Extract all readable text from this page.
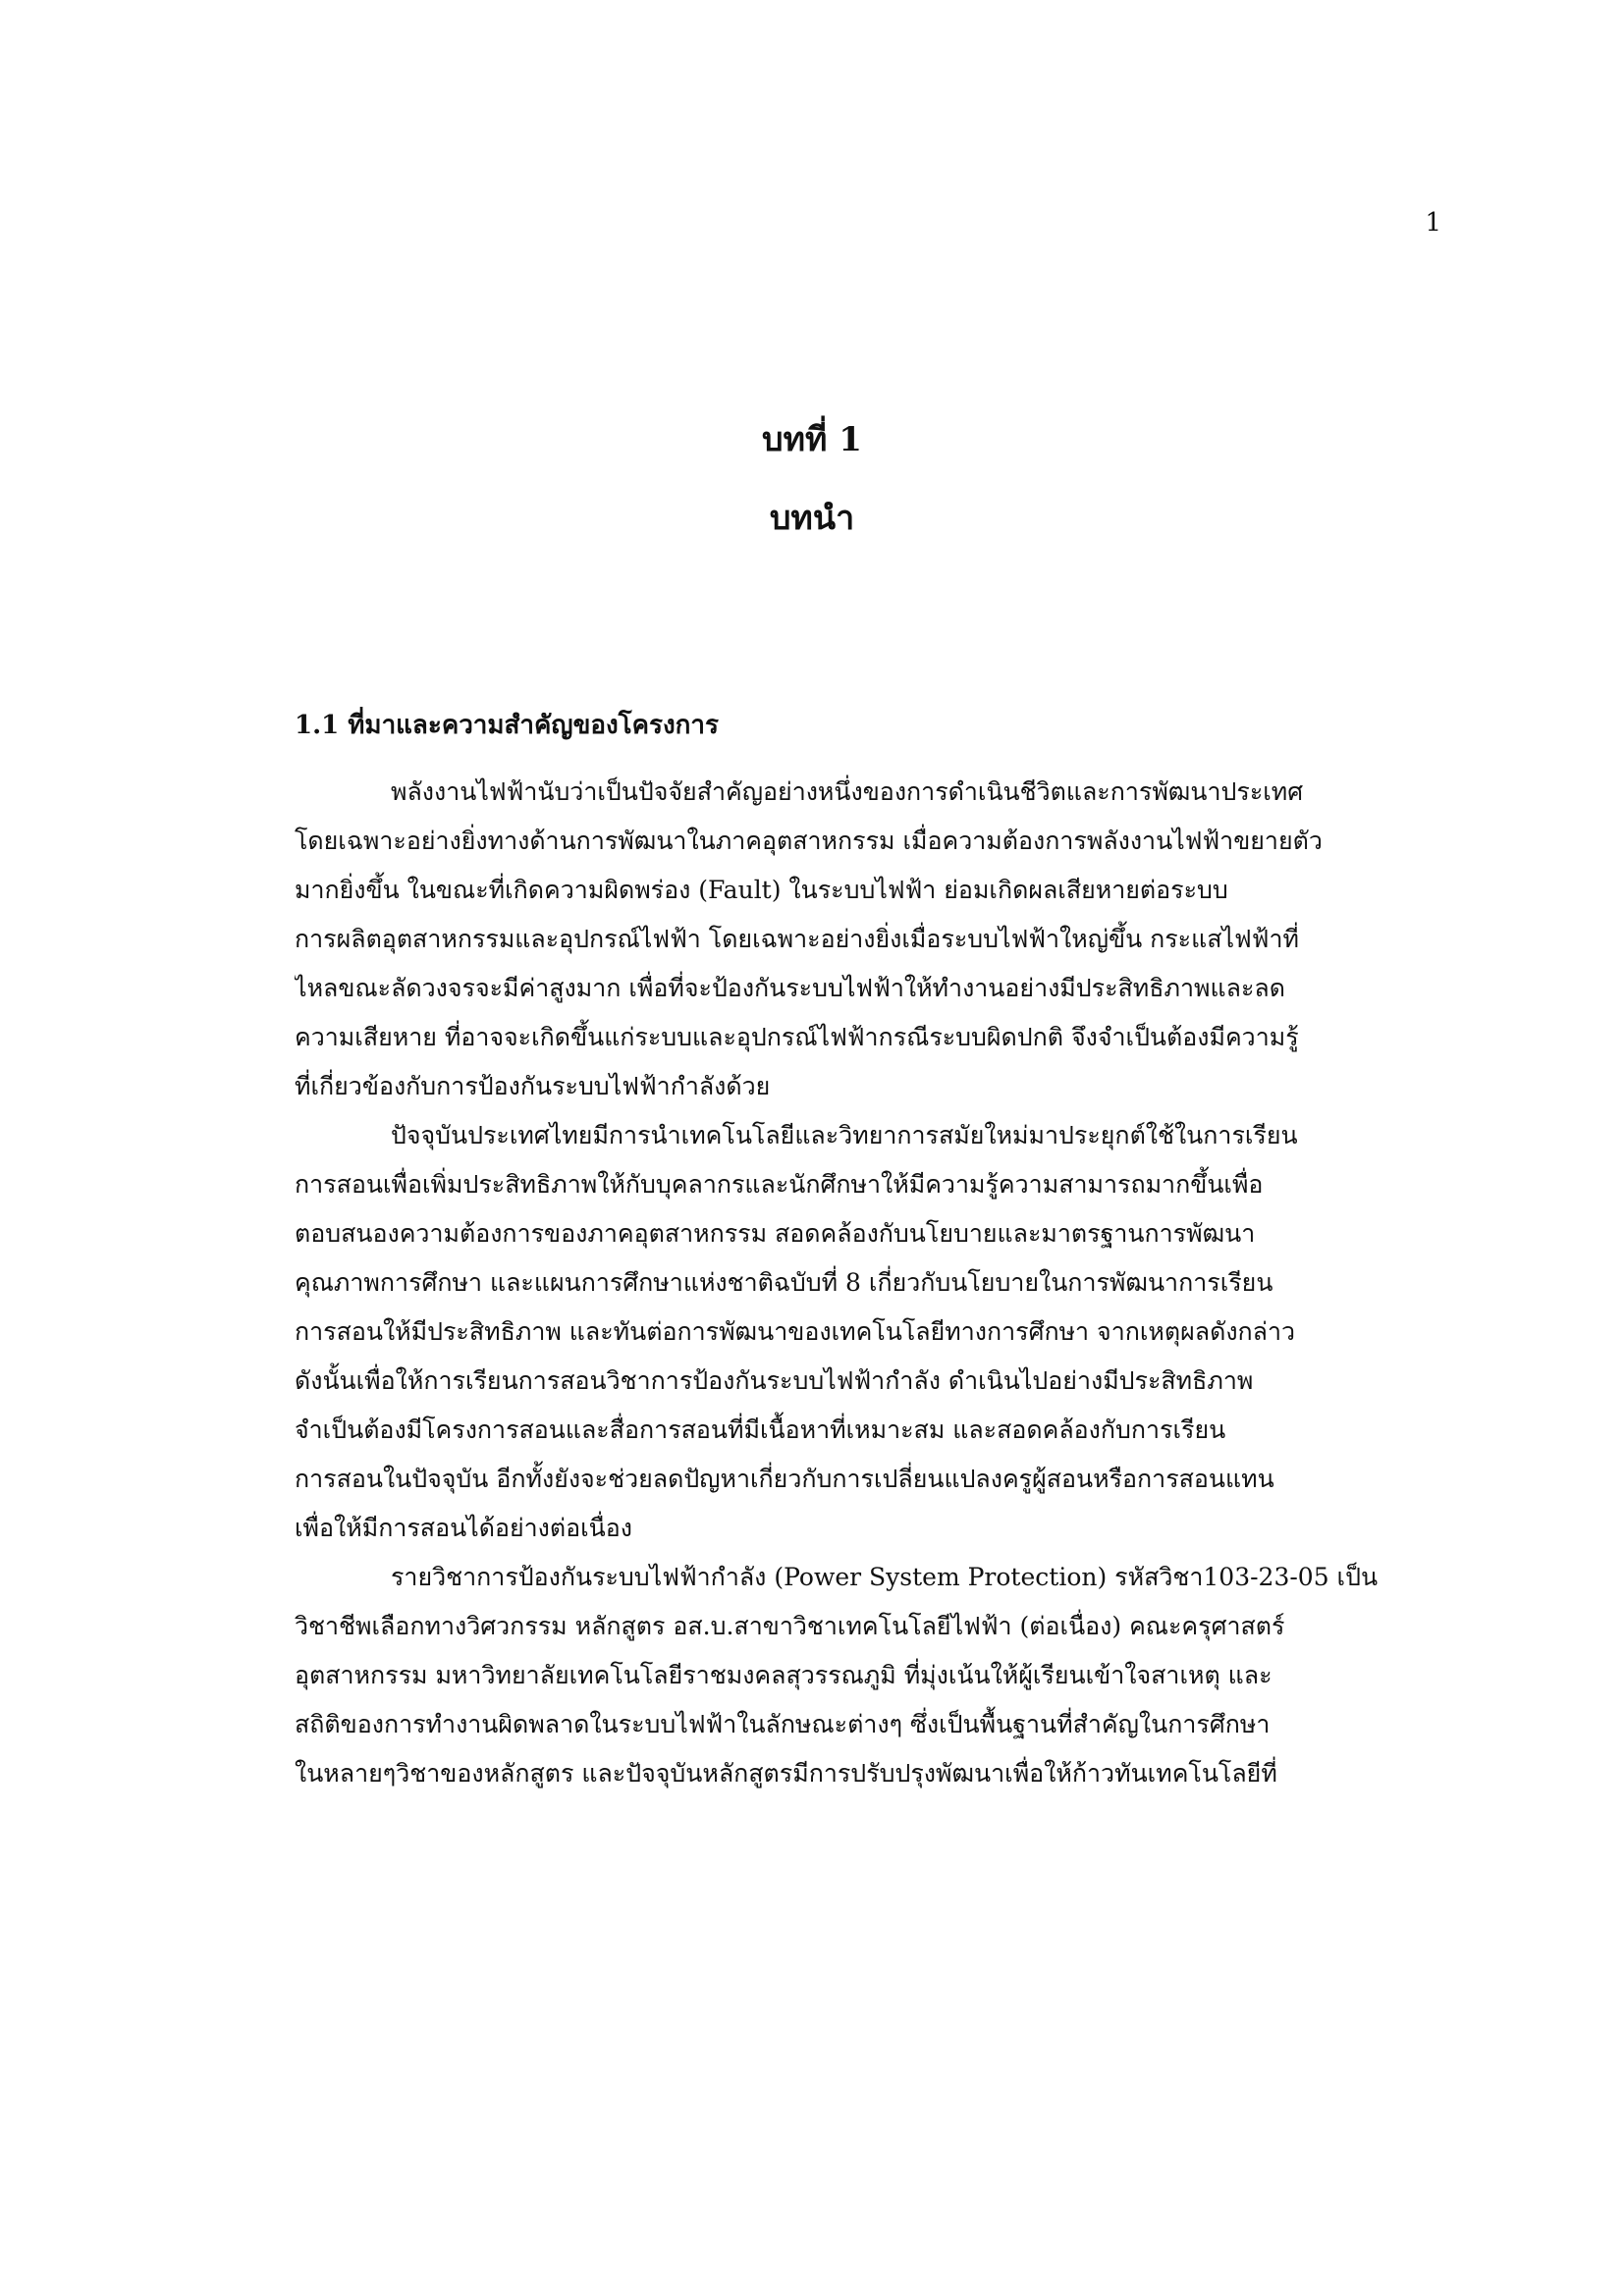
1
บทที่ 1
บทนำ
1.1 ที่มาและความสำคัญของโครงการ
พลังงานไฟฟ้านับว่าเป็นปัจจัยสำคัญอย่างหนึ่งของการดำเนินชีวิตและการพัฒนาประเทศ
โดยเฉพาะอย่างยิ่งทางด้านการพัฒนาในภาคอุตสาหกรรม เมื่อความต้องการพลังงานไฟฟ้าขยายตัว
มากยิ่งขึ้น ในขณะที่เกิดความผิดพร่อง (Fault) ในระบบไฟฟ้า ย่อมเกิดผลเสียหายต่อระบบ
การผลิตอุตสาหกรรมและอุปกรณ์ไฟฟ้า โดยเฉพาะอย่างยิ่งเมื่อระบบไฟฟ้าใหญ่ขึ้น กระแสไฟฟ้าที่
ไหลขณะลัดวงจรจะมีค่าสูงมาก เพื่อที่จะป้องกันระบบไฟฟ้าให้ทำงานอย่างมีประสิทธิภาพและลด
ความเสียหาย ที่อาจจะเกิดขึ้นแก่ระบบและอุปกรณ์ไฟฟ้ากรณีระบบผิดปกติ จึงจำเป็นต้องมีความรู้
ที่เกี่ยวข้องกับการป้องกันระบบไฟฟ้ากำลังด้วย
ปัจจุบันประเทศไทยมีการนำเทคโนโลยีและวิทยาการสมัยใหม่มาประยุกต์ใช้ในการเรียน
การสอนเพื่อเพิ่มประสิทธิภาพให้กับบุคลากรและนักศึกษาให้มีความรู้ความสามารถมากขึ้นเพื่อ
ตอบสนองความต้องการของภาคอุตสาหกรรม สอดคล้องกับนโยบายและมาตรฐานการพัฒนา
คุณภาพการศึกษา และแผนการศึกษาแห่งชาติฉบับที่ 8 เกี่ยวกับนโยบายในการพัฒนาการเรียน
การสอนให้มีประสิทธิภาพ และทันต่อการพัฒนาของเทคโนโลยีทางการศึกษา จากเหตุผลดังกล่าว
ดังนั้นเพื่อให้การเรียนการสอนวิชาการป้องกันระบบไฟฟ้ากำลัง ดำเนินไปอย่างมีประสิทธิภาพ
จำเป็นต้องมีโครงการสอนและสื่อการสอนที่มีเนื้อหาที่เหมาะสม และสอดคล้องกับการเรียน
การสอนในปัจจุบัน อีกทั้งยังจะช่วยลดปัญหาเกี่ยวกับการเปลี่ยนแปลงครูผู้สอนหรือการสอนแทน
เพื่อให้มีการสอนได้อย่างต่อเนื่อง
รายวิชาการป้องกันระบบไฟฟ้ากำลัง (Power System Protection) รหัสวิชา103-23-05 เป็น
วิชาชีพเลือกทางวิศวกรรม หลักสูตร อส.บ.สาขาวิชาเทคโนโลยีไฟฟ้า (ต่อเนื่อง) คณะครุศาสตร์
อุตสาหกรรม มหาวิทยาลัยเทคโนโลยีราชมงคลสุวรรณภูมิ ที่มุ่งเน้นให้ผู้เรียนเข้าใจสาเหตุ และ
สถิติของการทำงานผิดพลาดในระบบไฟฟ้าในลักษณะต่างๆ ซึ่งเป็นพื้นฐานที่สำคัญในการศึกษา
ในหลายๆวิชาของหลักสูตร และปัจจุบันหลักสูตรมีการปรับปรุงพัฒนาเพื่อให้ก้าวทันเทคโนโลยีที่
